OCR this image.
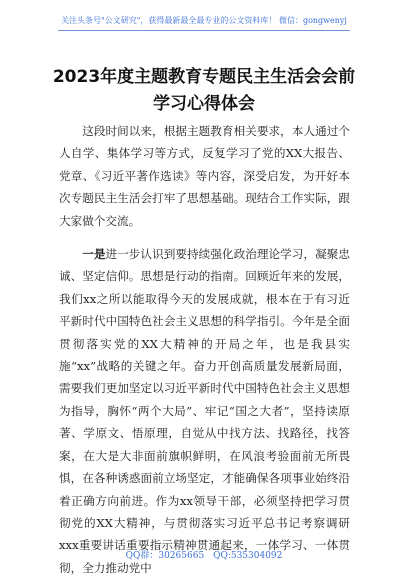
关注头条号"公文研究"，获得最新最全最专业的公文资料库！ 微信：gongwenyj
2023年度主题教育专题民主生活会会前
学习心得体会

这段时间以来，根据主题教育相关要求，本人通过个人自学、集体学习等方式，反复学习了党的XX大报告、党章、《习近平著作选读》等内容，深受启发，为开好本次专题民主生活会打牢了思想基础。现结合工作实际，跟大家做个交流。

一是进一步认识到要持续强化政治理论学习，凝聚忠诚、坚定信仰。思想是行动的指南。回顾近年来的发展，我们xx之所以能取得今天的发展成就，根本在于有习近平新时代中国特色社会主义思想的科学指引。今年是全面贯彻落实党的XX大精神的开局之年，也是我县实施“xx”战略的关键之年。奋力开创高质量发展新局面，需要我们更加坚定以习近平新时代中国特色社会主义思想为指导，胸怀“两个大局”、牢记“国之大者”，坚持读原著、学原文、悟原理，自觉从中找方法、找路径，找答案，在大是大非面前旗帜鲜明，在风浪考验面前无所畏惧，在各种诱惑面前立场坚定，才能确保各项事业始终沿着正确方向前进。作为xx领导干部，必须坚持把学习贯彻党的XX大精神，与贯彻落实习近平总书记考察调研xxx重要讲话重要指示精神贯通起来，一体学习、一体贯彻，全力推动党中

QQ群：30265665 QQ:535304092
